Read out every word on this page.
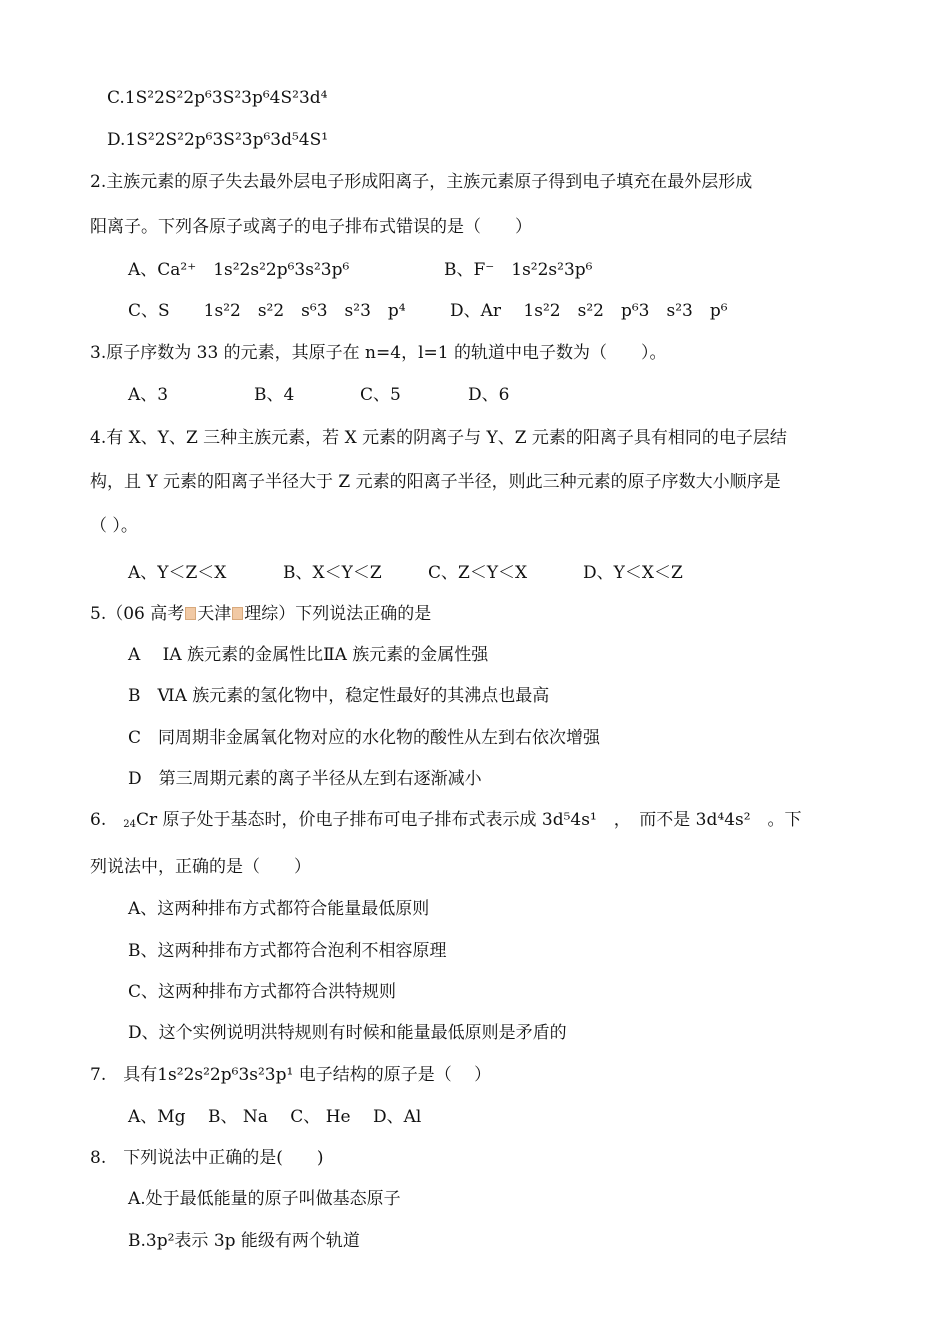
C.1S²2S²2p⁶3S²3p⁶4S²3d⁴
D.1S²2S²2p⁶3S²3p⁶3d⁵4S¹
2.主族元素的原子失去最外层电子形成阳离子，主族元素原子得到电子填充在最外层形成
阳离子。下列各原子或离子的电子排布式错误的是（　　）
A、Ca²⁺　1s²2s²2p⁶3s²3p⁶	B、F⁻　1s²2s²3p⁶
C、S　　1s²2　s²2　s⁶3　s²3　p⁴	D、Ar　 1s²2　s²2　p⁶3　s²3　p⁶
3.原子序数为 33 的元素，其原子在 n=4，l=1 的轨道中电子数为（　　）。
A、3	B、4	C、5	D、6
4.有 X、Y、Z 三种主族元素，若 X 元素的阴离子与 Y、Z 元素的阳离子具有相同的电子层结
构，且 Y 元素的阳离子半径大于 Z 元素的阳离子半径，则此三种元素的原子序数大小顺序是
（ ）。
A、Y＜Z＜X	B、X＜Y＜Z	C、Z＜Y＜X	D、Y＜X＜Z
5.（06 高考 天津 理综）下列说法正确的是
A　 ⅠA 族元素的金属性比ⅡA 族元素的金属性强
B　ⅥA 族元素的氢化物中，稳定性最好的其沸点也最高
C　同周期非金属氧化物对应的水化物的酸性从左到右依次增强
D　第三周期元素的离子半径从左到右逐渐减小
6.　$_{24}$Cr 原子处于基态时，价电子排布可电子排布式表示成 3d⁵4s¹　，　而不是 3d⁴4s²　。下
列说法中，正确的是（　　）
A、这两种排布方式都符合能量最低原则
B、这两种排布方式都符合泡利不相容原理
C、这两种排布方式都符合洪特规则
D、这个实例说明洪特规则有时候和能量最低原则是矛盾的
7.　具有1s²2s²2p⁶3s²3p¹ 电子结构的原子是（　 ）
A、Mg　 B、 Na　 C、 He　 D、Al
8.　下列说法中正确的是(　　)
A.处于最低能量的原子叫做基态原子
B.3p²表示 3p 能级有两个轨道
